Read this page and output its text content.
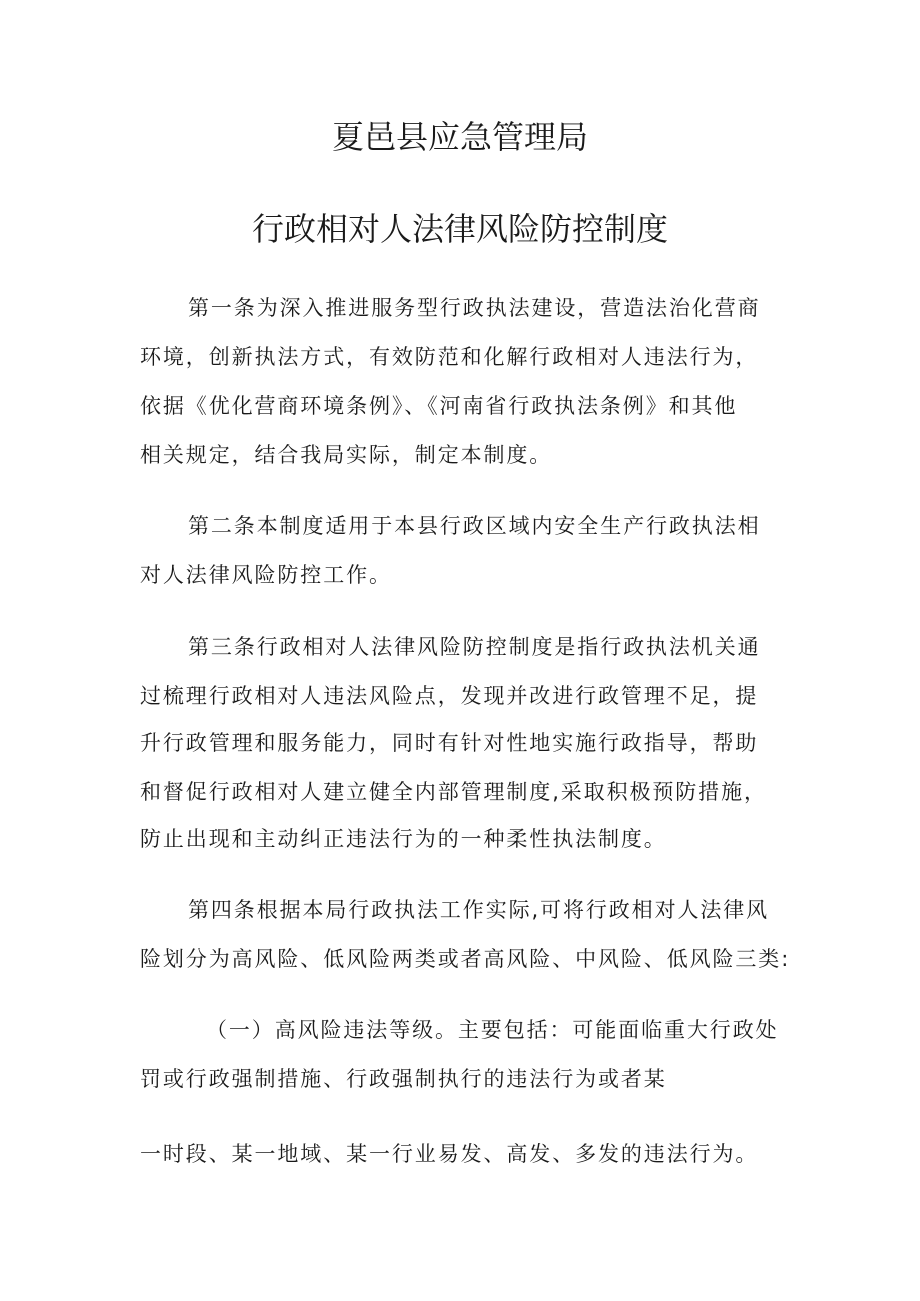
夏邑县应急管理局
行政相对人法律风险防控制度
第一条为深入推进服务型行政执法建设，营造法治化营商
环境，创新执法方式，有效防范和化解行政相对人违法行为，
依据《优化营商环境条例》、《河南省行政执法条例》和其他
相关规定，结合我局实际，制定本制度。
第二条本制度适用于本县行政区域内安全生产行政执法相
对人法律风险防控工作。
第三条行政相对人法律风险防控制度是指行政执法机关通
过梳理行政相对人违法风险点，发现并改进行政管理不足，提
升行政管理和服务能力，同时有针对性地实施行政指导，帮助
和督促行政相对人建立健全内部管理制度,采取积极预防措施，
防止出现和主动纠正违法行为的一种柔性执法制度。
第四条根据本局行政执法工作实际,可将行政相对人法律风
险划分为高风险、低风险两类或者高风险、中风险、低风险三类:
（一）高风险违法等级。主要包括：可能面临重大行政处
罚或行政强制措施、行政强制执行的违法行为或者某
一时段、某一地域、某一行业易发、高发、多发的违法行为。
